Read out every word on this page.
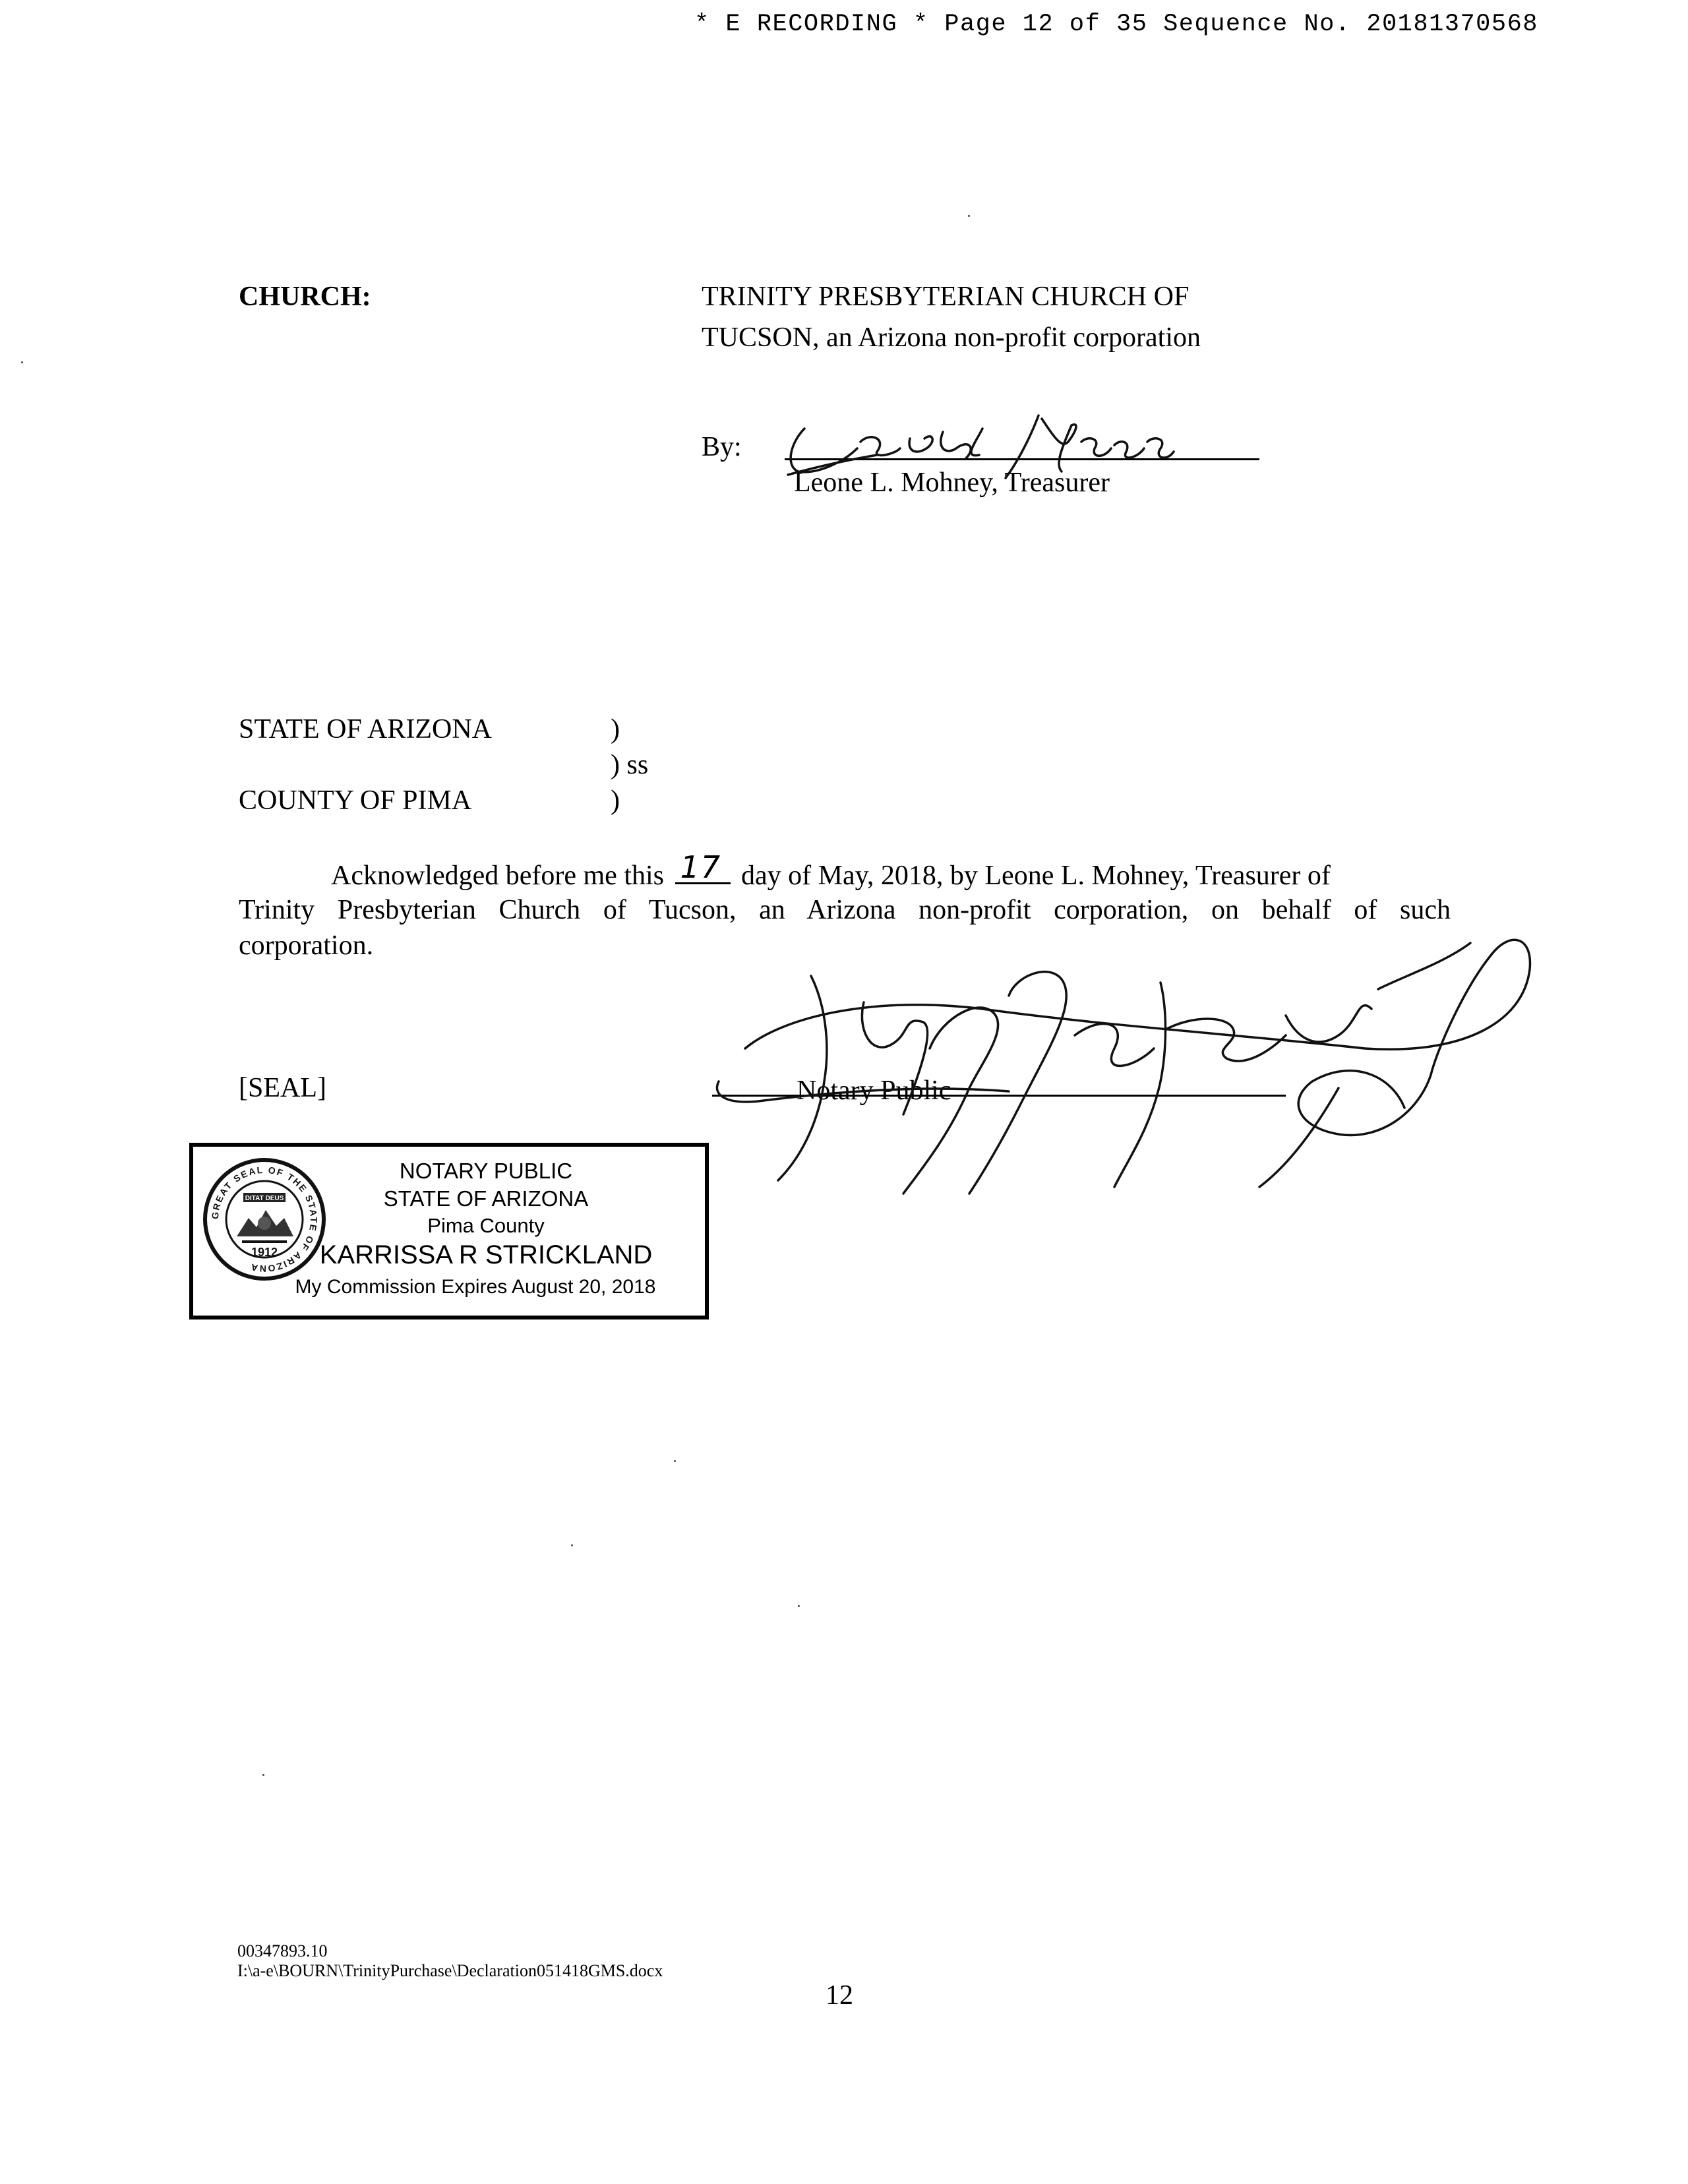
* E RECORDING * Page 12 of 35 Sequence No. 20181370568
CHURCH:	TRINITY PRESBYTERIAN CHURCH OF
TUCSON, an Arizona non-profit corporation
By:
Leone L. Mohney, Treasurer
STATE OF ARIZONA	)
) ss
COUNTY OF PIMA	)
Acknowledged before me this 17 day of May, 2018, by Leone L. Mohney, Treasurer of
Trinity Presbyterian Church of Tucson, an Arizona non-profit corporation, on behalf of such
corporation.
[SEAL]	Notary Public
GREAT SEAL OF THE STATE OF ARIZONA
DITAT DEUS
1912
NOTARY PUBLIC
STATE OF ARIZONA
Pima County
KARRISSA R STRICKLAND
My Commission Expires August 20, 2018
00347893.10
I:\a-e\BOURN\TrinityPurchase\Declaration051418GMS.docx
12
